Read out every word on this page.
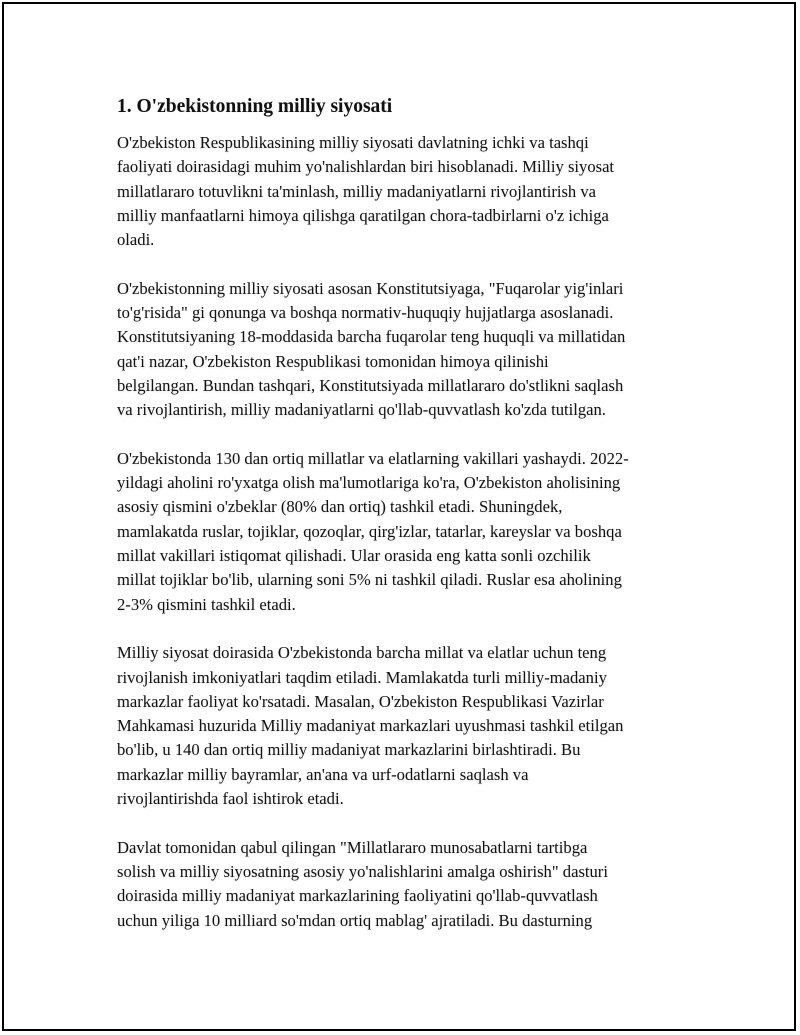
1. O'zbekistonning milliy siyosati

O'zbekiston Respublikasining milliy siyosati davlatning ichki va tashqi
faoliyati doirasidagi muhim yo'nalishlardan biri hisoblanadi. Milliy siyosat
millatlararo totuvlikni ta'minlash, milliy madaniyatlarni rivojlantirish va
milliy manfaatlarni himoya qilishga qaratilgan chora-tadbirlarni o'z ichiga
oladi.

O'zbekistonning milliy siyosati asosan Konstitutsiyaga, "Fuqarolar yig'inlari
to'g'risida" gi qonunga va boshqa normativ-huquqiy hujjatlarga asoslanadi.
Konstitutsiyaning 18-moddasida barcha fuqarolar teng huquqli va millatidan
qat'i nazar, O'zbekiston Respublikasi tomonidan himoya qilinishi
belgilangan. Bundan tashqari, Konstitutsiyada millatlararo do'stlikni saqlash
va rivojlantirish, milliy madaniyatlarni qo'llab-quvvatlash ko'zda tutilgan.

O'zbekistonda 130 dan ortiq millatlar va elatlarning vakillari yashaydi. 2022-
yildagi aholini ro'yxatga olish ma'lumotlariga ko'ra, O'zbekiston aholisining
asosiy qismini o'zbeklar (80% dan ortiq) tashkil etadi. Shuningdek,
mamlakatda ruslar, tojiklar, qozoqlar, qirg'izlar, tatarlar, kareyslar va boshqa
millat vakillari istiqomat qilishadi. Ular orasida eng katta sonli ozchilik
millat tojiklar bo'lib, ularning soni 5% ni tashkil qiladi. Ruslar esa aholining
2-3% qismini tashkil etadi.

Milliy siyosat doirasida O'zbekistonda barcha millat va elatlar uchun teng
rivojlanish imkoniyatlari taqdim etiladi. Mamlakatda turli milliy-madaniy
markazlar faoliyat ko'rsatadi. Masalan, O'zbekiston Respublikasi Vazirlar
Mahkamasi huzurida Milliy madaniyat markazlari uyushmasi tashkil etilgan
bo'lib, u 140 dan ortiq milliy madaniyat markazlarini birlashtiradi. Bu
markazlar milliy bayramlar, an'ana va urf-odatlarni saqlash va
rivojlantirishda faol ishtirok etadi.

Davlat tomonidan qabul qilingan "Millatlararo munosabatlarni tartibga
solish va milliy siyosatning asosiy yo'nalishlarini amalga oshirish" dasturi
doirasida milliy madaniyat markazlarining faoliyatini qo'llab-quvvatlash
uchun yiliga 10 milliard so'mdan ortiq mablag' ajratiladi. Bu dasturning
